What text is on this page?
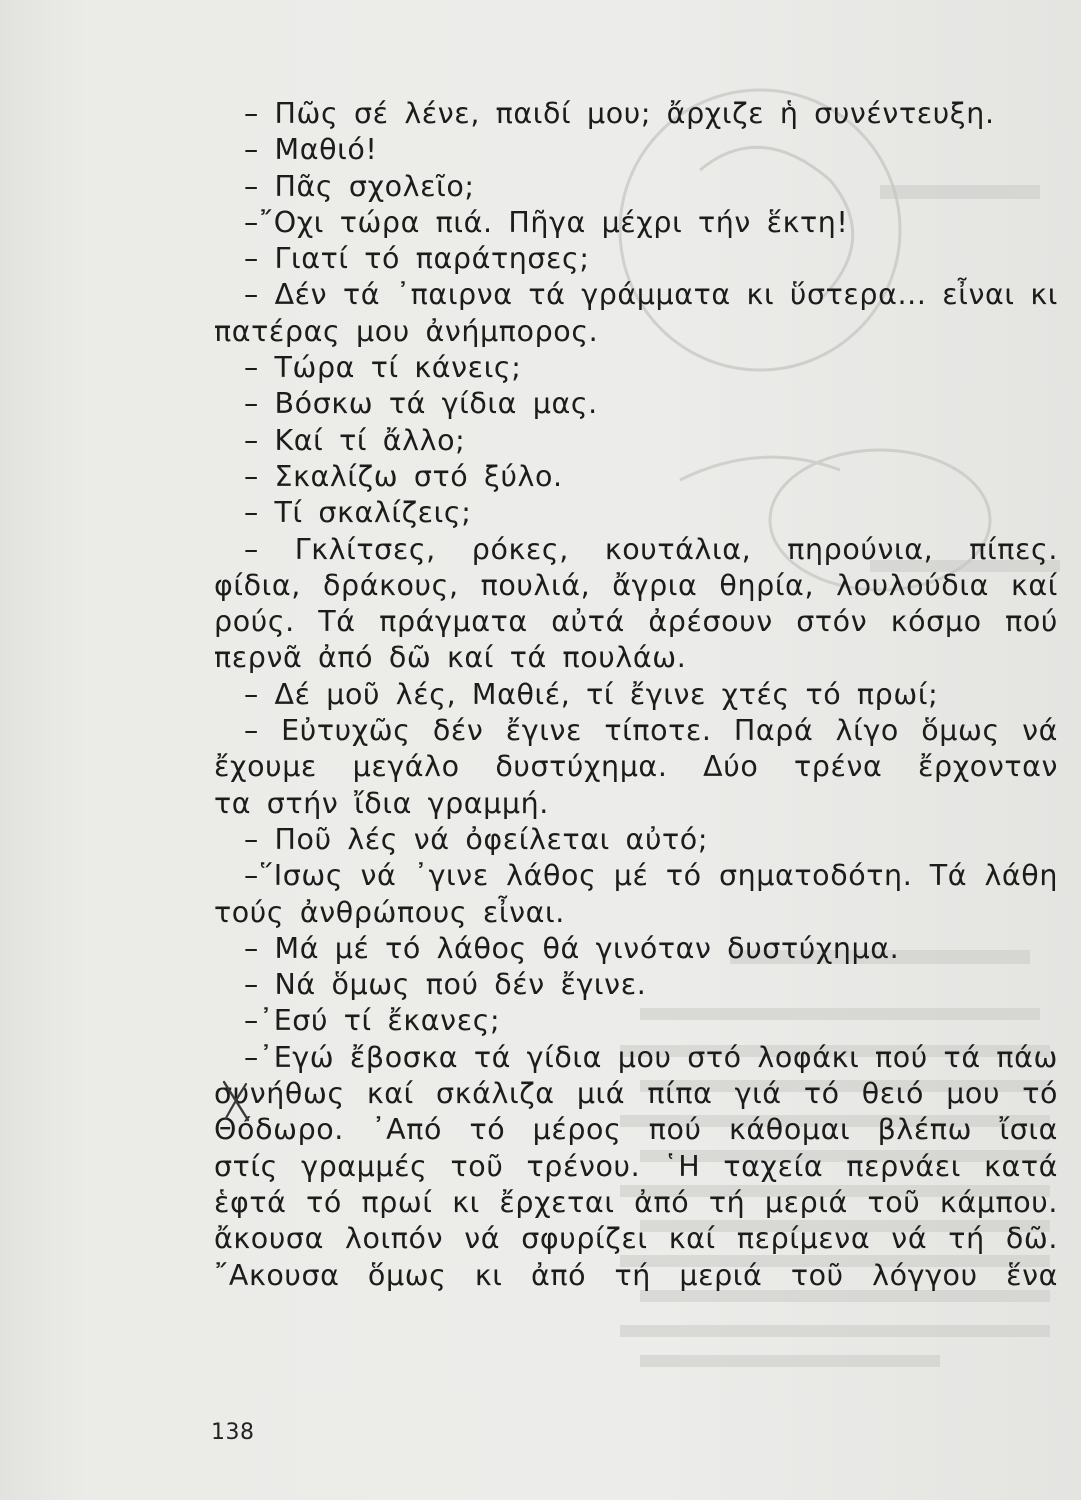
– Πῶς σέ λένε, παιδί μου; ἄρχιζε ἡ συνέντευξη.
– Μαθιό!
– Πᾶς σχολεῖο;
–῎Οχι τώρα πιά. Πῆγα μέχρι τήν ἕκτη!
– Γιατί τό παράτησες;
– Δέν τά ᾽παιρνα τά γράμματα κι ὕστερα... εἶναι κι
πατέρας μου ἀνήμπορος.
– Τώρα τί κάνεις;
– Βόσκω τά γίδια μας.
– Καί τί ἄλλο;
– Σκαλίζω στό ξύλο.
– Τί σκαλίζεις;
– Γκλίτσες, ρόκες, κουτάλια, πηρούνια, πίπες.
φίδια, δράκους, πουλιά, ἄγρια θηρία, λουλούδια καί
ρούς. Τά πράγματα αὐτά ἀρέσουν στόν κόσμο πού
περνᾶ ἀπό δῶ καί τά πουλάω.
– Δέ μοῦ λές, Μαθιέ, τί ἔγινε χτές τό πρωί;
– Εὐτυχῶς δέν ἔγινε τίποτε. Παρά λίγο ὅμως νά
ἔχουμε μεγάλο δυστύχημα. Δύο τρένα ἔρχονταν
τα στήν ἴδια γραμμή.
– Ποῦ λές νά ὀφείλεται αὐτό;
–῞Ισως νά ᾽γινε λάθος μέ τό σηματοδότη. Τά λάθη
τούς ἀνθρώπους εἶναι.
– Μά μέ τό λάθος θά γινόταν δυστύχημα.
– Νά ὅμως πού δέν ἔγινε.
–᾽Εσύ τί ἔκανες;
–᾽Εγώ ἔβοσκα τά γίδια μου στό λοφάκι πού τά πάω
συνήθως καί σκάλιζα μιά πίπα γιά τό θειό μου τό
Θόδωρο. ᾽Από τό μέρος πού κάθομαι βλέπω ἴσια
στίς γραμμές τοῦ τρένου. ῾Η ταχεία περνάει κατά
ἑφτά τό πρωί κι ἔρχεται ἀπό τή μεριά τοῦ κάμπου.
ἄκουσα λοιπόν νά σφυρίζει καί περίμενα νά τή δῶ.
῎Ακουσα ὅμως κι ἀπό τή μεριά τοῦ λόγγου ἕνα
138
